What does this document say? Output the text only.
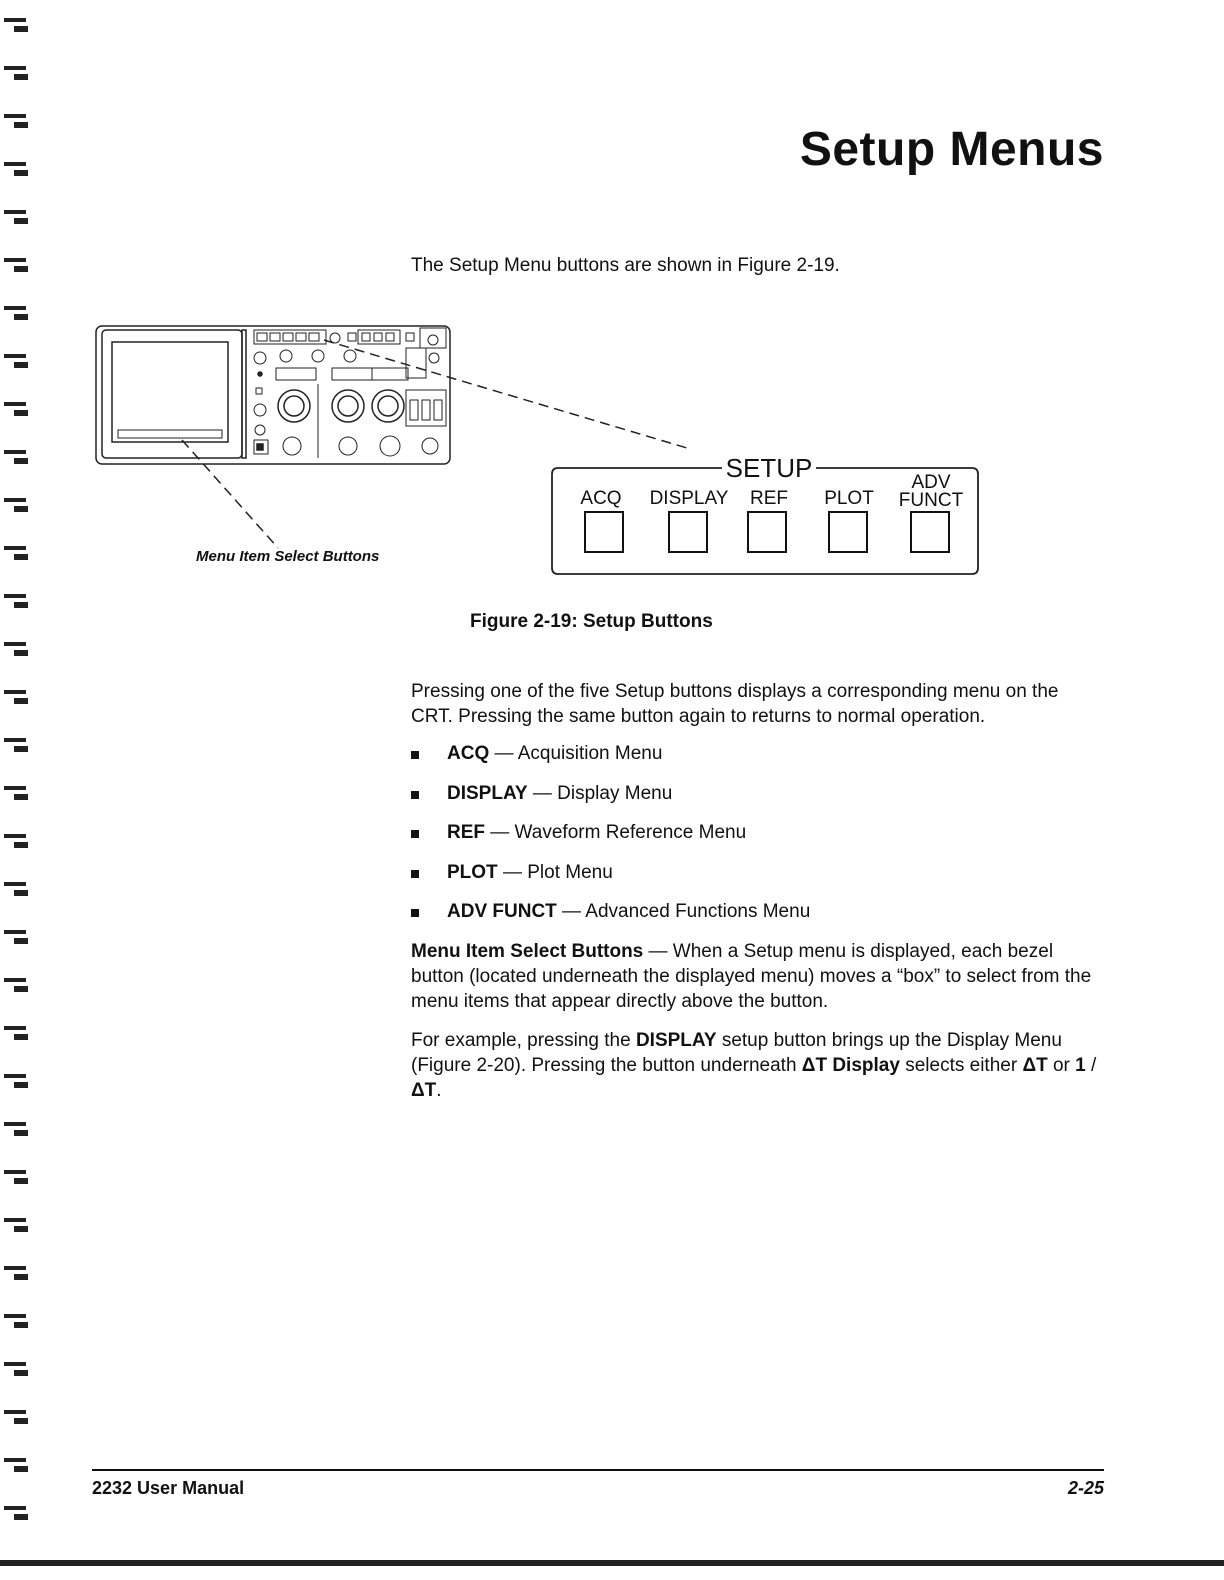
Setup Menus

The Setup Menu buttons are shown in Figure 2-19.

SETUP
ACQ DISPLAY REF PLOT
ADV
FUNCT

Menu Item Select Buttons

Figure 2-19: Setup Buttons

Pressing one of the five Setup buttons displays a corresponding menu on the CRT. Pressing the same button again to returns to normal operation.

ACQ — Acquisition Menu
DISPLAY — Display Menu
REF — Waveform Reference Menu
PLOT — Plot Menu
ADV FUNCT — Advanced Functions Menu

Menu Item Select Buttons — When a Setup menu is displayed, each bezel button (located underneath the displayed menu) moves a “box” to select from the menu items that appear directly above the button.

For example, pressing the DISPLAY setup button brings up the Display Menu (Figure 2-20). Pressing the button underneath ΔT Display selects either ΔT or 1 / ΔT.

2232 User Manual	2-25
